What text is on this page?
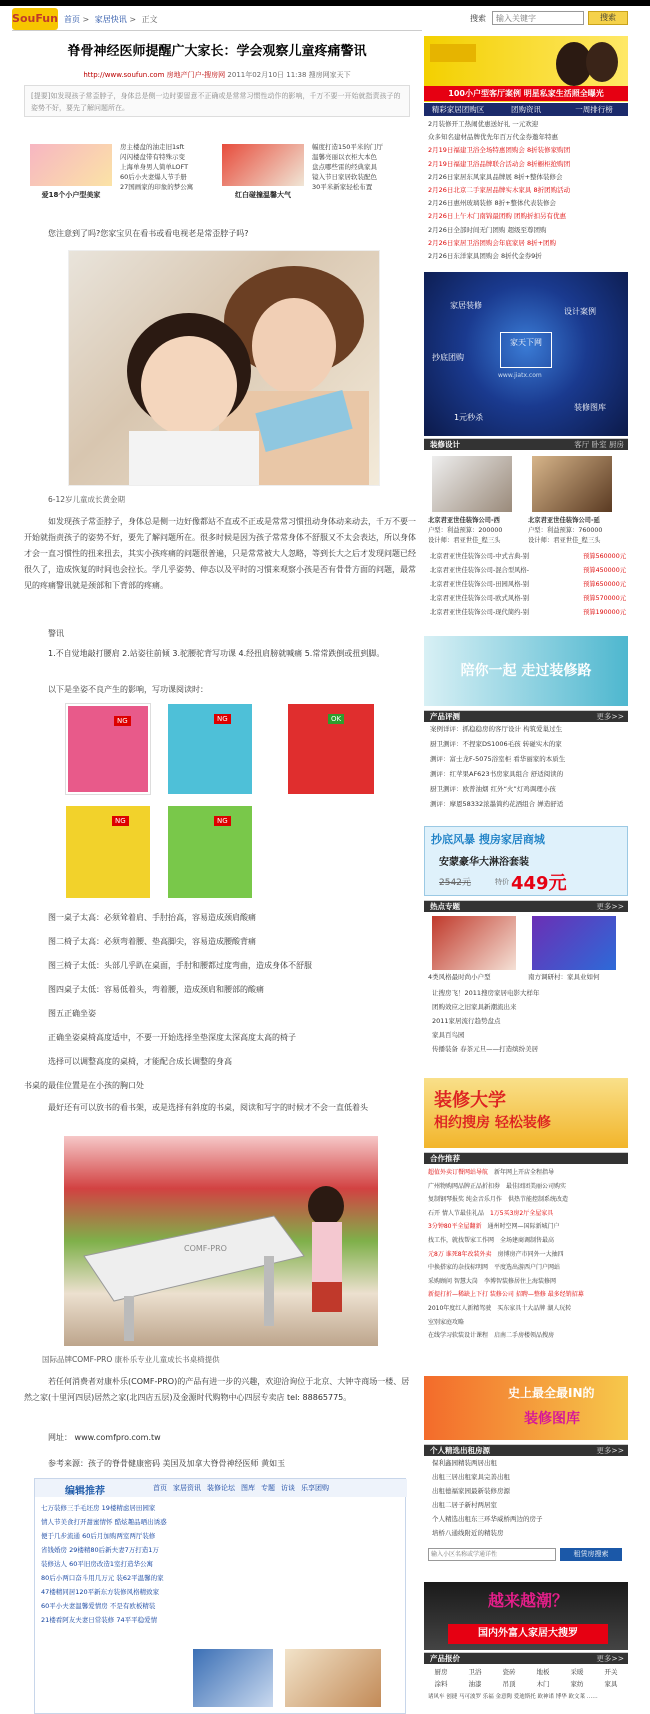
SouFun 首页 > 家居快讯 > 正文	搜索
输入关键字	搜索
脊骨神经医师提醒广大家长：学会观察儿童疼痛警讯
http://www.soufun.com 房地产门户-搜房网 2011年02月10日 11:38 搜房网家天下
[提要]如发现孩子常歪脖子，身体总是侧一边时要留意不正确或是常常习惯性动作的影响，千万不要一开始就指责孩子的姿势不好，要先了解问题所在。
爱18个小户型美家
房主楼盘的油走旧1sft
闪闪楼盘带有特殊示变
上海单身男人简单LOFT
60后小夫妻爆人节手册
27国画家的印象的梦公寓
红白碰撞温馨大气
幅度打造150平米的门厅
温馨亮丽以衣柜大本色
盘点哪些雷的经典家具
镜入节日家居软装配色
30平米新家轻松布置
您注意到了吗?您家宝贝在看书或看电视老是常歪脖子吗?
6-12岁儿童成长黄金期
如发现孩子常歪脖子，身体总是侧一边好像都站不直或不正或是常常习惯扭动身体动来动去，千万不要一开始就指责孩子的姿势不好，要先了解问题所在。很多时候是因为孩子常常身体不舒服又不太会表达，所以身体才会一直习惯性的扭来扭去，其实小孩疼痛的问题很普遍，只是常常被大人忽略，等到长大之后才发现问题已经很久了，造成恢复的时间也会拉长。学几乎姿势、伸态以及平时的习惯来观察小孩是否有骨骨方面的问题，最常见的疼痛警讯就是颈部和下背部的疼痛。
警讯
1.不自觉地敲打腰肩 2.站姿往前倾 3.驼腰驼背写功课 4.经扭肩膀就喊痛 5.常常跌倒或扭到脚。
以下是坐姿不良产生的影响，写功课阅读时：
NG	NG	OK
NG	NG
图一桌子太高：必须耸着肩、手肘抬高，容易造成颈肩酸痛
图二椅子太高：必须弯着腰、垫高脚尖，容易造成腰酸背痛
图三椅子太低：头部几乎趴在桌面，手肘和腰都过度弯曲，造成身体不舒服
图四桌子太低：容易低着头，弯着腰，造成颈肩和腰部的酸痛
图五正确坐姿
正确坐姿桌椅高度适中，不要一开始选择坐垫深度太深高度太高的椅子
选择可以调整高度的桌椅，才能配合成长调整的身高
书桌的最佳位置是在小孩的胸口处
最好还有可以放书的看书架，或是选择有斜度的书桌，阅读和写字的时候才不会一直低着头
COMF-PRO
国际品牌COMF-PRO 康朴乐专业儿童成长书桌椅提供
若任何消费者对康朴乐(COMF-PRO)的产品有进一步的兴趣，欢迎洽询位于北京、大钟寺商场一楼、居然之家(十里河四层)居然之家(北四店五层)及金源时代购物中心四层专卖店 tel: 88865775。
网址： www.comfpro.com.tw
参考来源：孩子的脊骨健康密码 美国及加拿大脊骨神经医师 黄如玉
编辑推荐	首页 家居资讯 装修论坛 图库 专题 访谈 乐享团购
七万装修三手毛坯房 19楼精虑居田园家
情人节美食打开甜蜜情怀 酷炫趣品晒出诱惑
便于几步流通 60后月加购两室两厅装修
省钱婚房 29楼精80后新夫妻7万打造1万
装修达人 60平旧房改造1室打造华公寓
80后小两口奋斗用几万元 装62平温馨的家
47楼精同居120平新东方装修风格精致家
60平小夫妻温馨爱情房 不是有欧板精装
21楼看阿友夫妻日常装修 74平平稳爱情
100小户型客厅案例 明星私家生活照全曝光
精彩家居团购区	团购资讯	一周排行榜
2月装修开工热闹优惠送好礼 一元欢迎
众多知名建材品牌优先年百万代金券邀年特惠
2月19日福建卫浴全场特惠团购会 8折装修家购团
2月19日福建卫浴品牌联合活动会 8折橱柜抢购团
2月26日家居东风家具品牌展 8折+整体装修会
2月26日北京二手家居品牌实木家具 8折团购活动
2月26日惠州玻璃装修 8折+整体代表装修会
2月26日上午木门南锦最团购 团购折扣另有优惠
2月26日全部时间无门团购 超级至尊团购
2月26日家居卫浴团购会年底家居 8折+团购
2月26日东洋家具团购会 8折代金券9折
家天下网
www.jiatx.com
家居装修
设计案例
抄底团购
装修图库
1元秒杀
装修设计	客厅 卧室 厨房
北京君亚世佳装饰公司-西
户型：利益预算：200000
设计师：君亚世佳_程三头
北京君亚世佳装饰公司-延
户型：利益预算：760000
设计师：君亚世佳_程三头
北京君亚世佳装饰公司-中式古典-别	预算560000元
北京君亚世佳装饰公司-混合型风格-	预算450000元
北京君亚世佳装饰公司-田园风格-别	预算650000元
北京君亚世佳装饰公司-欧式风格-别	预算570000元
北京君亚世佳装饰公司-现代简约-别	预算190000元
陪你一起 走过装修路
产品评测	更多>>
案例详评：抓稳稳房的客厅设计 构筑爱巢过生
厨卫测评：不捏家DS1006毛孩 转碰实木的家
测评：富士龙F-5075浴室柜 看华丽家的本质生
测评：红苹果AF623书房家具组合 舒适阅读的
厨卫测评：欧普油烟 红外“火”灯鸡调理小孩
测评：摩恩58332浓墨简约花洒组合 婵造舒适
抄底风暴 搜房家居商城
安蒙豪华大淋浴套装
2542元	特价 449元
热点专题	更多>>
4类风格最时尚小户型	南方调研村：家具业如何
让搜房飞！2011搜房家居电影大样年
团购效应之旧家具新潮流出来
2011家居流行趋势盘点
家具百鸟园
传播装备 春茶元旦——打造缤纷美居
装修大学
相约搜房 轻松装修
合作推荐
超值外卖订餐网站导航　 新年网上开店全程指导
广州物购网品牌正品折扣券　 最佳团团美丽公司购实
复制钢琴报奖 纯金音乐月作　 供热节能控制系统改造
石开 情人节最佳礼品　 1万5买3房2厅全屋家具
3分钟80平全屋翻新　 通州时空网—国际新城门户
找工作，就找帮家工作网　 全场建商调制售最高
元8万 谁死8年改装外卖　 房博房产市同外一大抽四
中换搭家的杂技标明网　 平度选出游西户门户网站
采购顾问 智慧大岗　 李博智装修居住上海装修网
新提打折—稀缺上下打 装修公司 招聘—整修 最多经销招募
2010年度红人新精驾驶　 买东家具十大品牌 湖人玩转
室别家庭攻略
在线学习软装设计课程　 启南二手房楼领品搜房
史上最全最IN的
装修图库
个人精选出租房源	更多>>
保利鑫园精装两居出租
出租三居出租家具完善出租
出租德福家园最新装修房源
出租二居子新村两居室
个人精选出租东三环华威桥两边的房子
培桥八通线附近的精装房
输入小区名称或学通详性
租赁房搜索
越来越潮？
国内外富人家居大搜罗
产品报价	更多>>
厨房	卫浴	瓷砖	地板	采暖	开关
涂料	油漆	吊顶	木门	家纺	家具
诸风车 创捷 马可波罗 乐福 金意陶 爱迪斯托 欧神诺 博华 欧文莱 ……
